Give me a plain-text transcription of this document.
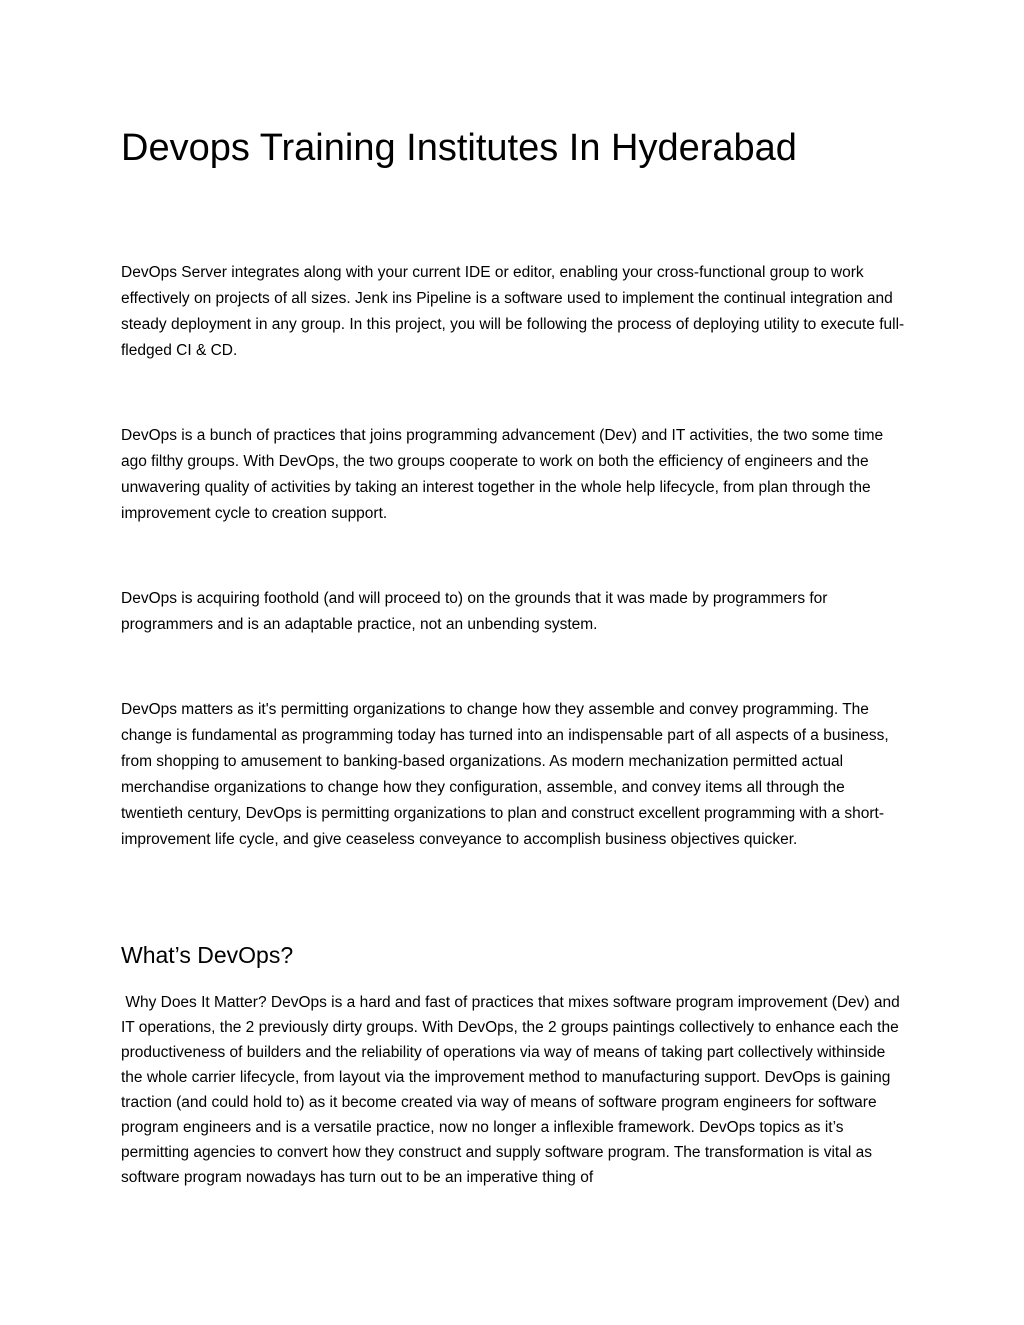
Devops Training Institutes In Hyderabad

DevOps Server integrates along with your current IDE or editor, enabling your cross-functional group to work effectively on projects of all sizes. Jenk ins Pipeline is a software used to implement the continual integration and steady deployment in any group. In this project, you will be following the process of deploying utility to execute full-fledged CI & CD.

DevOps is a bunch of practices that joins programming advancement (Dev) and IT activities, the two some time ago filthy groups. With DevOps, the two groups cooperate to work on both the efficiency of engineers and the unwavering quality of activities by taking an interest together in the whole help lifecycle, from plan through the improvement cycle to creation support.

DevOps is acquiring foothold (and will proceed to) on the grounds that it was made by programmers for programmers and is an adaptable practice, not an unbending system.

DevOps matters as it's permitting organizations to change how they assemble and convey programming. The change is fundamental as programming today has turned into an indispensable part of all aspects of a business, from shopping to amusement to banking-based organizations. As modern mechanization permitted actual merchandise organizations to change how they configuration, assemble, and convey items all through the twentieth century, DevOps is permitting organizations to plan and construct excellent programming with a short-improvement life cycle, and give ceaseless conveyance to accomplish business objectives quicker.

What’s DevOps?

Why Does It Matter? DevOps is a hard and fast of practices that mixes software program improvement (Dev) and IT operations, the 2 previously dirty groups. With DevOps, the 2 groups paintings collectively to enhance each the productiveness of builders and the reliability of operations via way of means of taking part collectively withinside the whole carrier lifecycle, from layout via the improvement method to manufacturing support. DevOps is gaining traction (and could hold to) as it become created via way of means of software program engineers for software program engineers and is a versatile practice, now no longer a inflexible framework. DevOps topics as it’s permitting agencies to convert how they construct and supply software program. The transformation is vital as software program nowadays has turn out to be an imperative thing of
